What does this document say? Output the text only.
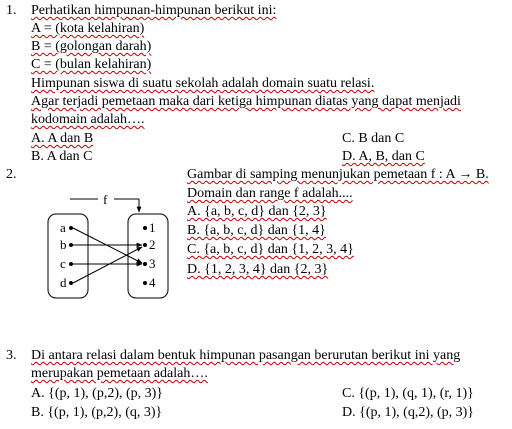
1. Perhatikan himpunan-himpunan berikut ini:
A = (kota kelahiran)
B = (golongan darah)
C = (bulan kelahiran)
Himpunan siswa di suatu sekolah adalah domain suatu relasi.
Agar terjadi pemetaan maka dari ketiga himpunan diatas yang dapat menjadi
kodomain adalah….
A. A dan B	C. B dan C
B. A dan C	D. A, B, dan C
2.	Gambar di samping menunjukan pemetaan f : A → B.
Domain dan range f adalah....
A. {a, b, c, d} dan {2, 3}
B. {a, b, c, d} dan {1, 4}
C. {a, b, c, d} dan {1, 2, 3, 4}
D. {1, 2, 3, 4} dan {2, 3}
f
a
b
c
d
1
2
3
4
3. Di antara relasi dalam bentuk himpunan pasangan berurutan berikut ini yang
merupakan pemetaan adalah….
A. {(p, 1), (p,2), (p, 3)}	C. {(p, 1), (q, 1), (r, 1)}
B. {(p, 1), (p,2), (q, 3)}	D. {(p, 1), (q,2), (p, 3)}
